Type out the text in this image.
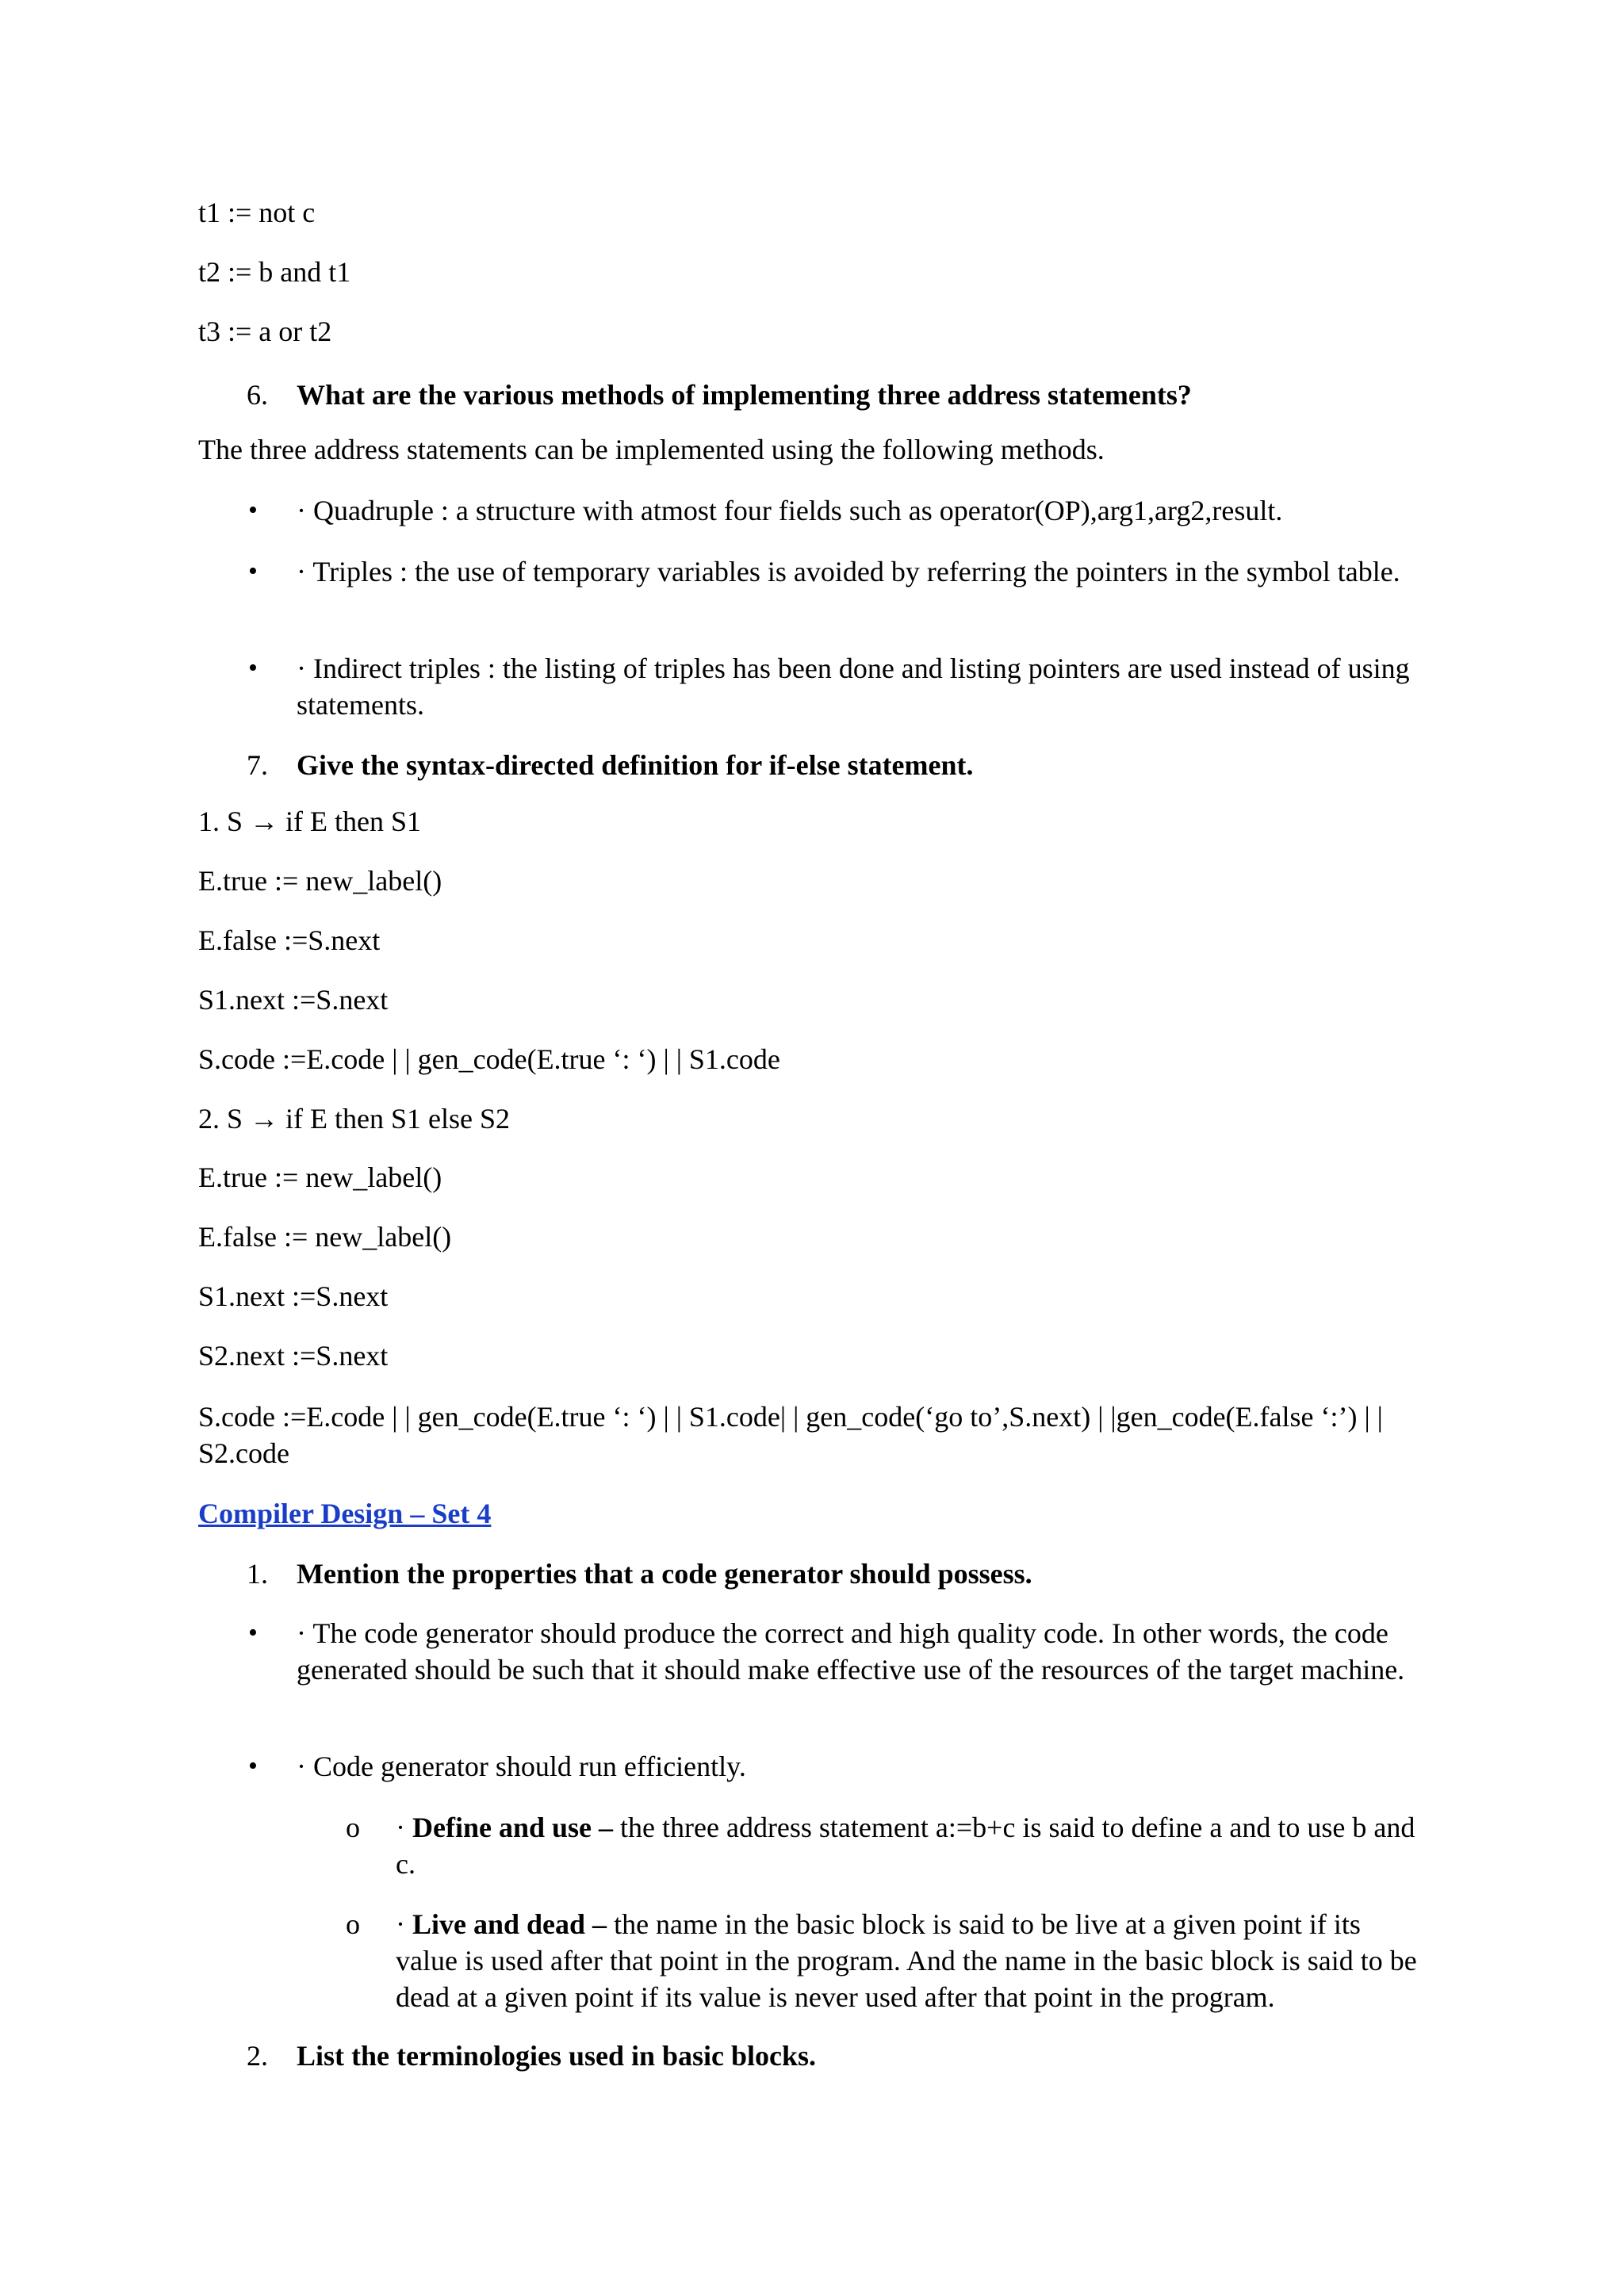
t1 := not c
t2 := b and t1
t3 := a or t2
6. What are the various methods of implementing three address statements?
The three address statements can be implemented using the following methods.
• · Quadruple : a structure with atmost four fields such as operator(OP),arg1,arg2,result.
• · Triples : the use of temporary variables is avoided by referring the pointers in the symbol table.
• · Indirect triples : the listing of triples has been done and listing pointers are used instead of using statements.
7. Give the syntax-directed definition for if-else statement.
1. S → if E then S1
E.true := new_label()
E.false :=S.next
S1.next :=S.next
S.code :=E.code | | gen_code(E.true ‘: ‘) | | S1.code
2. S → if E then S1 else S2
E.true := new_label()
E.false := new_label()
S1.next :=S.next
S2.next :=S.next
S.code :=E.code | | gen_code(E.true ‘: ‘) | | S1.code| | gen_code(‘go to’,S.next) | |gen_code(E.false ‘:’) | | S2.code
Compiler Design – Set 4
1. Mention the properties that a code generator should possess.
• · The code generator should produce the correct and high quality code. In other words, the code generated should be such that it should make effective use of the resources of the target machine.
• · Code generator should run efficiently.
o · Define and use – the three address statement a:=b+c is said to define a and to use b and c.
o · Live and dead – the name in the basic block is said to be live at a given point if its value is used after that point in the program. And the name in the basic block is said to be dead at a given point if its value is never used after that point in the program.
2. List the terminologies used in basic blocks.
